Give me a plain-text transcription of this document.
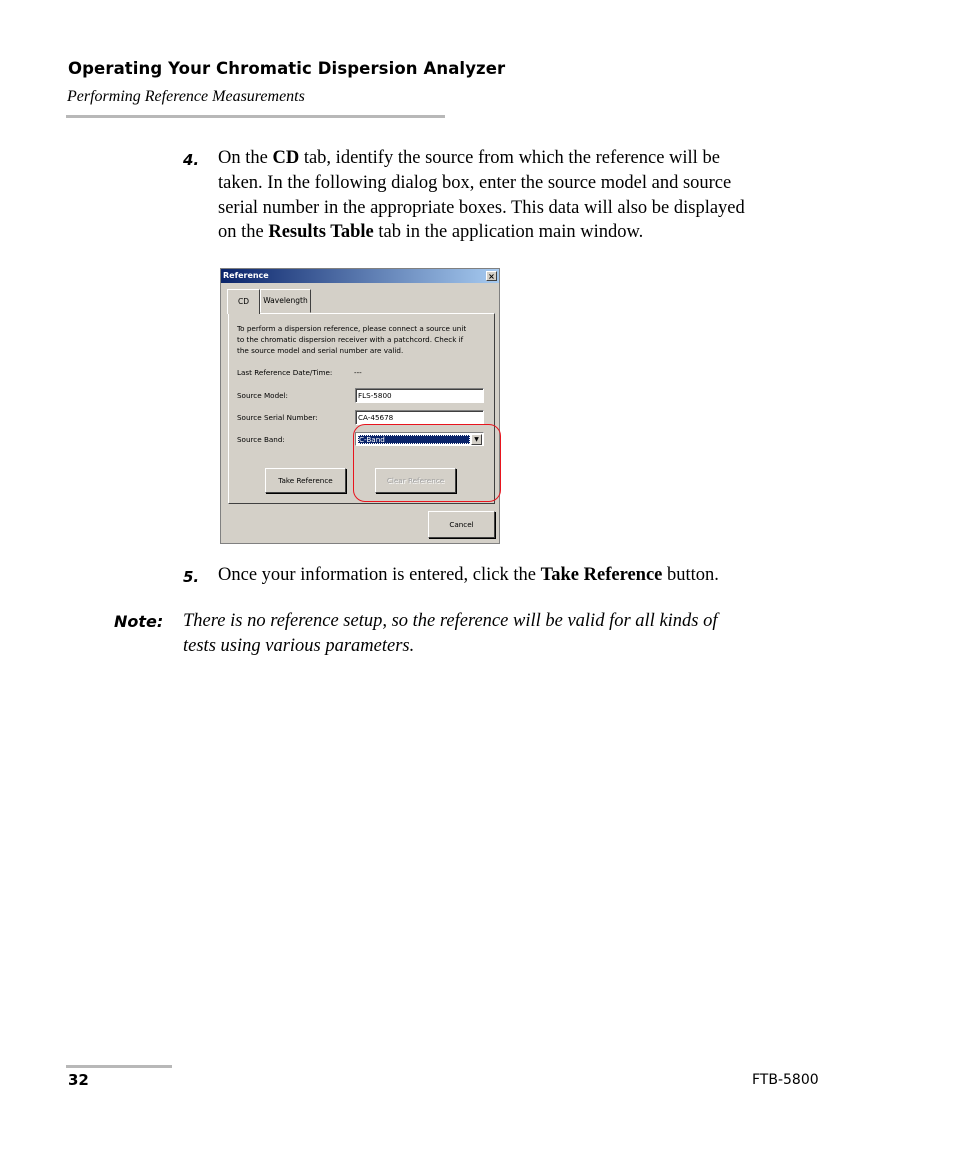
Operating Your Chromatic Dispersion Analyzer
Performing Reference Measurements
4. On the CD tab, identify the source from which the reference will be
taken. In the following dialog box, enter the source model and source
serial number in the appropriate boxes. This data will also be displayed
on the Results Table tab in the application main window.
Reference	×
CD	Wavelength
To perform a dispersion reference, please connect a source unit
to the chromatic dispersion receiver with a patchcord. Check if
the source model and serial number are valid.
Last Reference Date/Time:	---
Source Model:	FLS-5800
Source Serial Number:	CA-45678
Source Band:	C-Band	▼
Take Reference	Clear Reference
Cancel
5. Once your information is entered, click the Take Reference button.
Note: There is no reference setup, so the reference will be valid for all kinds of
tests using various parameters.
32	FTB-5800
